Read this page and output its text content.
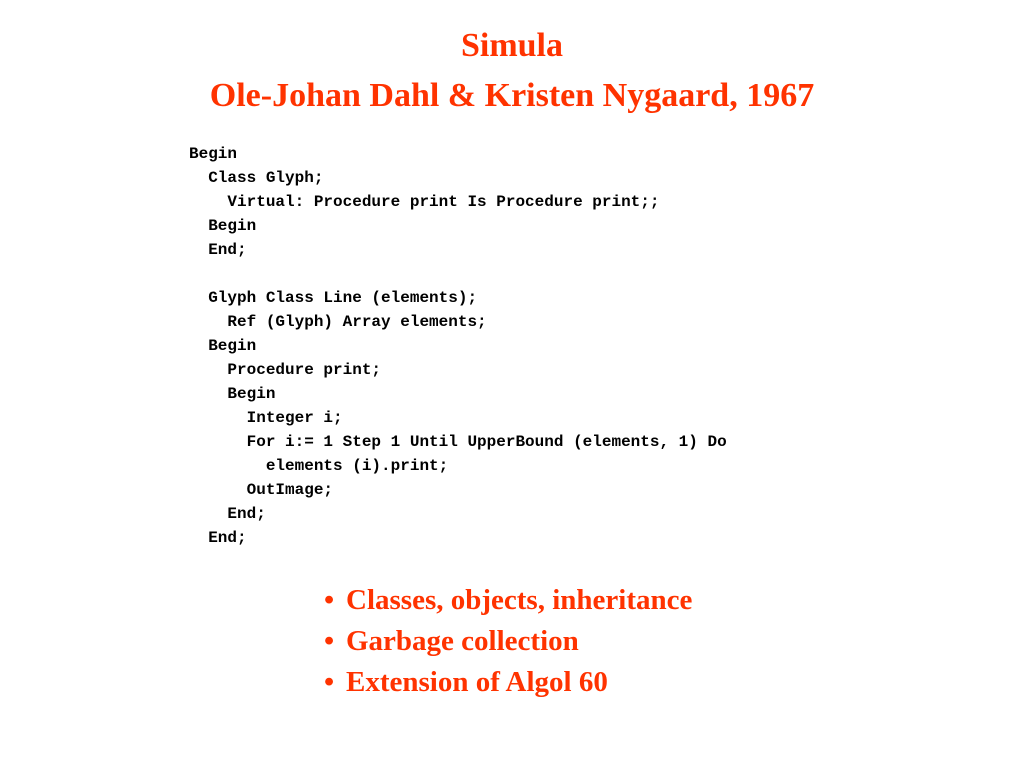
Simula
Ole-Johan Dahl & Kristen Nygaard, 1967
Begin
Class Glyph;
Virtual: Procedure print Is Procedure print;;
Begin
End;
Glyph Class Line (elements);
Ref (Glyph) Array elements;
Begin
Procedure print;
Begin
Integer i;
For i:= 1 Step 1 Until UpperBound (elements, 1) Do
elements (i).print;
OutImage;
End;
End;
• Classes, objects, inheritance
• Garbage collection
• Extension of Algol 60
